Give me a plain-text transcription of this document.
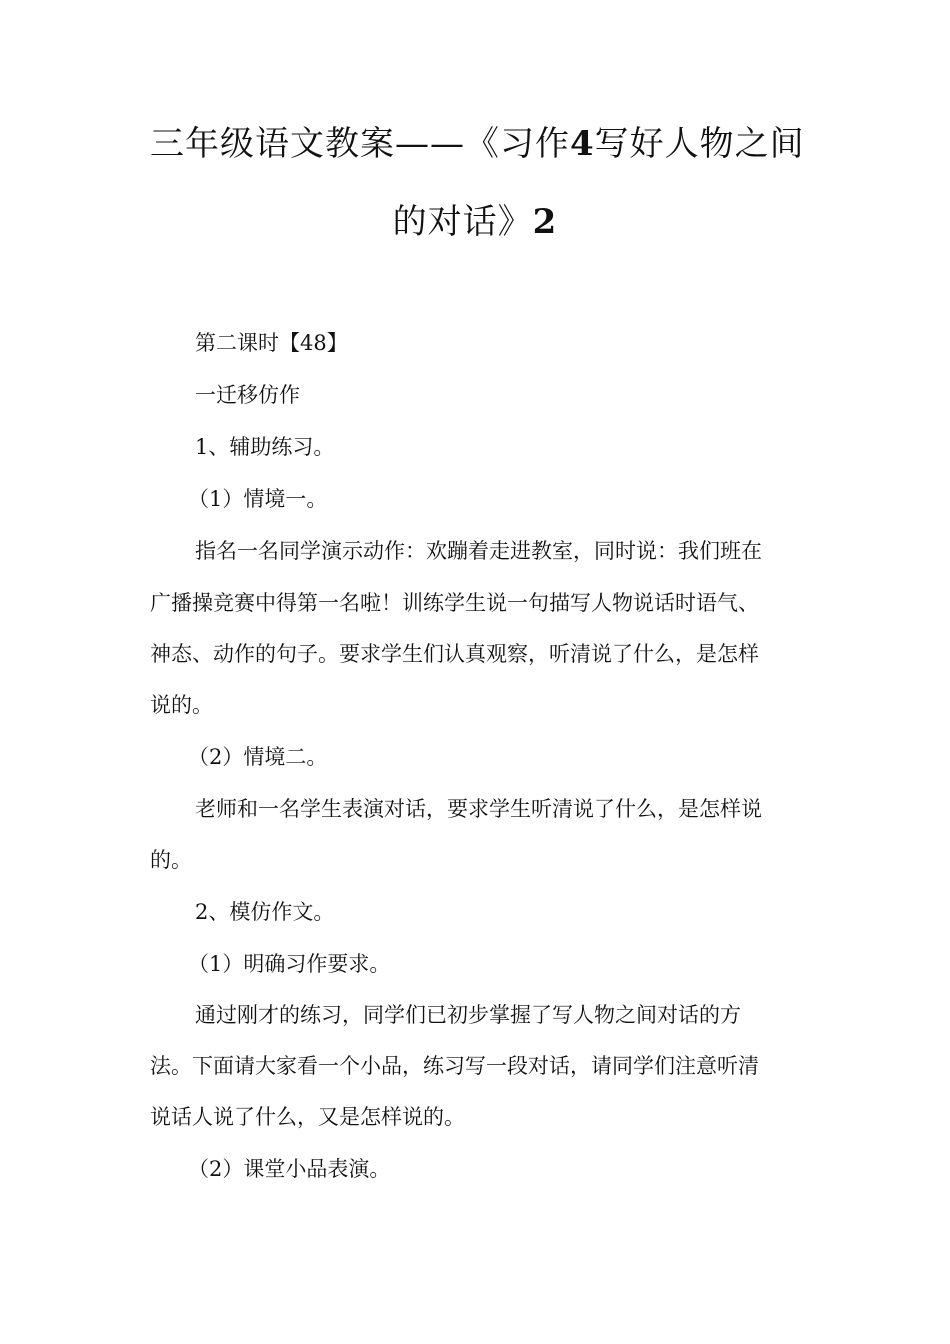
三年级语文教案——《习作4写好人物之间
的对话》2
第二课时【48】
一迁移仿作
1、辅助练习。
（1）情境一。
指名一名同学演示动作：欢蹦着走进教室，同时说：我们班在
广播操竞赛中得第一名啦！训练学生说一句描写人物说话时语气、
神态、动作的句子。要求学生们认真观察，听清说了什么，是怎样
说的。
（2）情境二。
老师和一名学生表演对话，要求学生听清说了什么，是怎样说
的。
2、模仿作文。
（1）明确习作要求。
通过刚才的练习，同学们已初步掌握了写人物之间对话的方
法。下面请大家看一个小品，练习写一段对话，请同学们注意听清
说话人说了什么，又是怎样说的。
（2）课堂小品表演。
